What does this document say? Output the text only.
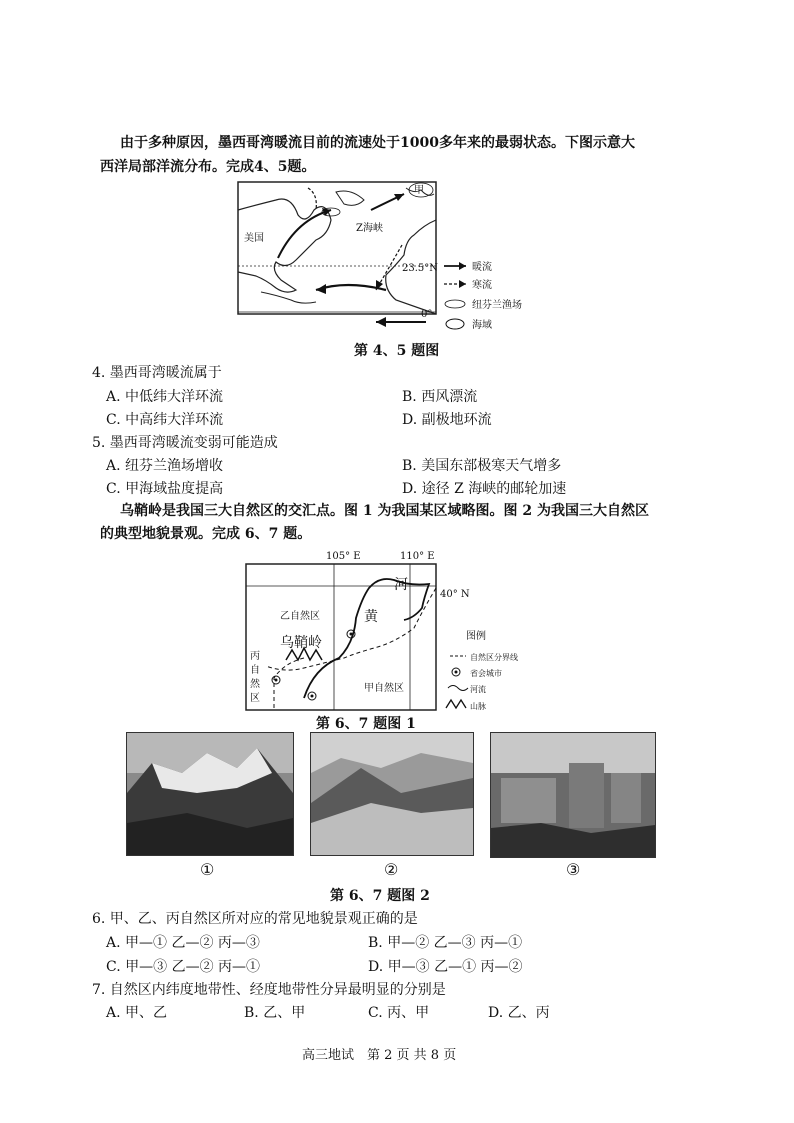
由于多种原因，墨西哥湾暖流目前的流速处于1000多年来的最弱状态。下图示意大
西洋局部洋流分布。完成4、5题。
美国
甲
Z海峡
23.5°N
0°
暖流
寒流
纽芬兰渔场
海域
第 4、5 题图
4. 墨西哥湾暖流属于
A. 中低纬大洋环流	B. 西风漂流
C. 中高纬大洋环流	D. 副极地环流
5. 墨西哥湾暖流变弱可能造成
A. 纽芬兰渔场增收	B. 美国东部极寒天气增多
C. 甲海域盐度提高	D. 途径 Z 海峡的邮轮加速
乌鞘岭是我国三大自然区的交汇点。图 1 为我国某区域略图。图 2 为我国三大自然区
的典型地貌景观。完成 6、7 题。
105° E	110° E
40° N
河
黄
乙自然区
甲自然区
丙
自
然
区
乌鞘岭	图例
自然区分界线
省会城市
河流
山脉
第 6、7 题图 1
①	②	③
第 6、7 题图 2
6. 甲、乙、丙自然区所对应的常见地貌景观正确的是
A. 甲—① 乙—② 丙—③	B. 甲—② 乙—③ 丙—①
C. 甲—③ 乙—② 丙—①	D. 甲—③ 乙—① 丙—②
7. 自然区内纬度地带性、经度地带性分异最明显的分别是
A. 甲、乙	B. 乙、甲	C. 丙、甲	D. 乙、丙
高三地试　第 2 页 共 8 页
